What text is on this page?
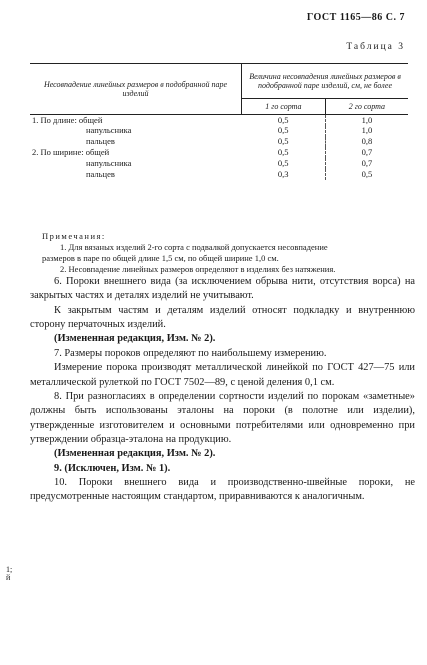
ГОСТ 1165—86 С. 7
Таблица 3
Несовпадение линейных размеров в подобранной паре изделий	Величина несовпадения линейных размеров в подобранной паре изделий, см, не более	
	1 го сорта	2 го сорта
1. По длине: общей	0,5	1,0
напульсника	0,5	1,0
пальцев	0,5	0,8
2. По ширине: общей	0,5	0,7
напульсника	0,5	0,7
пальцев	0,3	0,5
Примечания:
1. Для вязаных изделий 2-го сорта с подвалкой допускается несовпадение
размеров в паре по общей длине 1,5 см, по общей ширине 1,0 см.
2. Несовпадение линейных размеров определяют в изделиях без натяжения.

6. Пороки внешнего вида (за исключением обрыва нити, отсутствия ворса) на закрытых частях и деталях изделий не учитывают.

К закрытым частям и деталям изделий относят подкладку и внутреннюю сторону перчаточных изделий.

(Измененная редакция, Изм. № 2).

7. Размеры пороков определяют по наибольшему измерению.

Измерение порока производят металлической линейкой по ГОСТ 427—75 или металлической рулеткой по ГОСТ 7502—89, с ценой деления 0,1 см.

8. При разногласиях в определении сортности изделий по порокам «заметные» должны быть использованы эталоны на пороки (в полотне или изделии), утвержденные изготовителем и основными потребителями или одновременно при утверждении образца-эталона на продукцию.

(Измененная редакция, Изм. № 2).

9. (Исключен, Изм. № 1).

10. Пороки внешнего вида и производственно-швейные пороки, не предусмотренные настоящим стандартом, приравниваются к аналогичным.

1;
й
